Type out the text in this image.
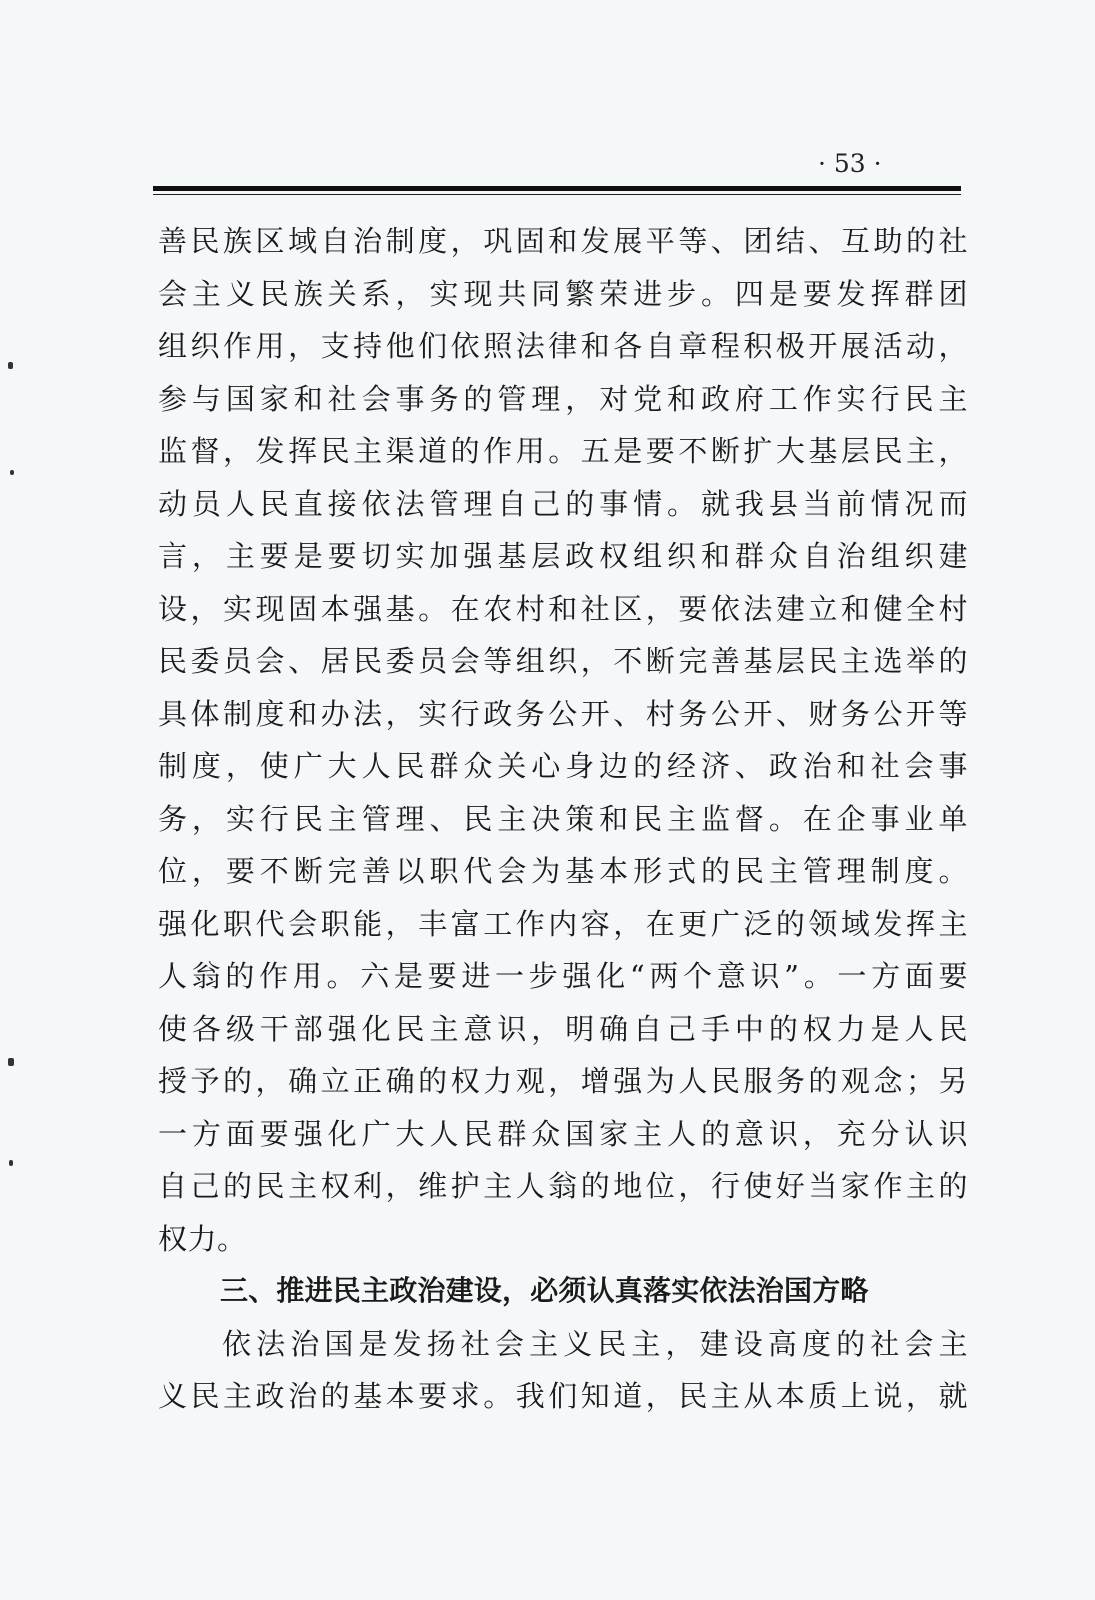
· 53 ·
善民族区域自治制度，巩固和发展平等、团结、互助的社
会主义民族关系，实现共同繁荣进步。四是要发挥群团
组织作用，支持他们依照法律和各自章程积极开展活动，
参与国家和社会事务的管理，对党和政府工作实行民主
监督，发挥民主渠道的作用。五是要不断扩大基层民主，
动员人民直接依法管理自己的事情。就我县当前情况而
言，主要是要切实加强基层政权组织和群众自治组织建
设，实现固本强基。在农村和社区，要依法建立和健全村
民委员会、居民委员会等组织，不断完善基层民主选举的
具体制度和办法，实行政务公开、村务公开、财务公开等
制度，使广大人民群众关心身边的经济、政治和社会事
务，实行民主管理、民主决策和民主监督。在企事业单
位，要不断完善以职代会为基本形式的民主管理制度。
强化职代会职能，丰富工作内容，在更广泛的领域发挥主
人翁的作用。六是要进一步强化“两个意识”。一方面要
使各级干部强化民主意识，明确自己手中的权力是人民
授予的，确立正确的权力观，增强为人民服务的观念；另
一方面要强化广大人民群众国家主人的意识，充分认识
自己的民主权利，维护主人翁的地位，行使好当家作主的
权力。
三、推进民主政治建设，必须认真落实依法治国方略
依法治国是发扬社会主义民主，建设高度的社会主
义民主政治的基本要求。我们知道，民主从本质上说，就
